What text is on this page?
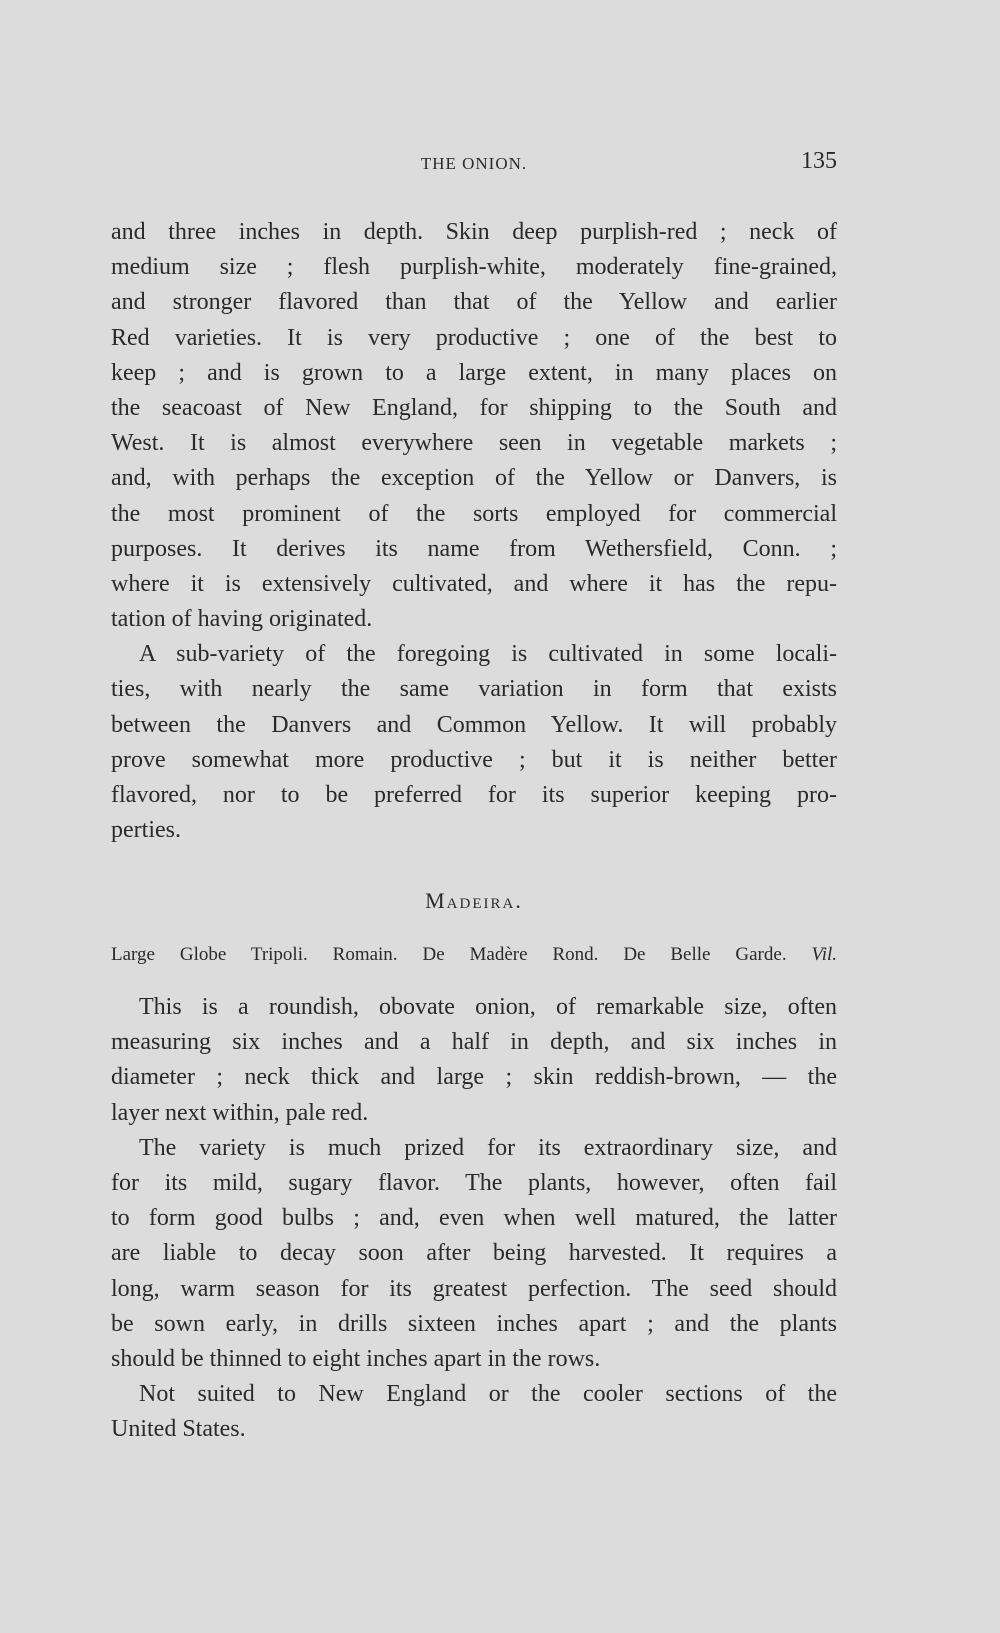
THE ONION.	135
and three inches in depth. Skin deep purplish-red ; neck of
medium size ; flesh purplish-white, moderately fine-grained,
and stronger flavored than that of the Yellow and earlier
Red varieties. It is very productive ; one of the best to
keep ; and is grown to a large extent, in many places on
the seacoast of New England, for shipping to the South and
West. It is almost everywhere seen in vegetable markets ;
and, with perhaps the exception of the Yellow or Danvers, is
the most prominent of the sorts employed for commercial
purposes. It derives its name from Wethersfield, Conn. ;
where it is extensively cultivated, and where it has the repu-
tation of having originated.
A sub-variety of the foregoing is cultivated in some locali-
ties, with nearly the same variation in form that exists
between the Danvers and Common Yellow. It will probably
prove somewhat more productive ; but it is neither better
flavored, nor to be preferred for its superior keeping pro-
perties.
Madeira.
Large Globe Tripoli. Romain. De Madère Rond. De Belle Garde. Vil.
This is a roundish, obovate onion, of remarkable size, often
measuring six inches and a half in depth, and six inches in
diameter ; neck thick and large ; skin reddish-brown, — the
layer next within, pale red.
The variety is much prized for its extraordinary size, and
for its mild, sugary flavor. The plants, however, often fail
to form good bulbs ; and, even when well matured, the latter
are liable to decay soon after being harvested. It requires a
long, warm season for its greatest perfection. The seed should
be sown early, in drills sixteen inches apart ; and the plants
should be thinned to eight inches apart in the rows.
Not suited to New England or the cooler sections of the
United States.
